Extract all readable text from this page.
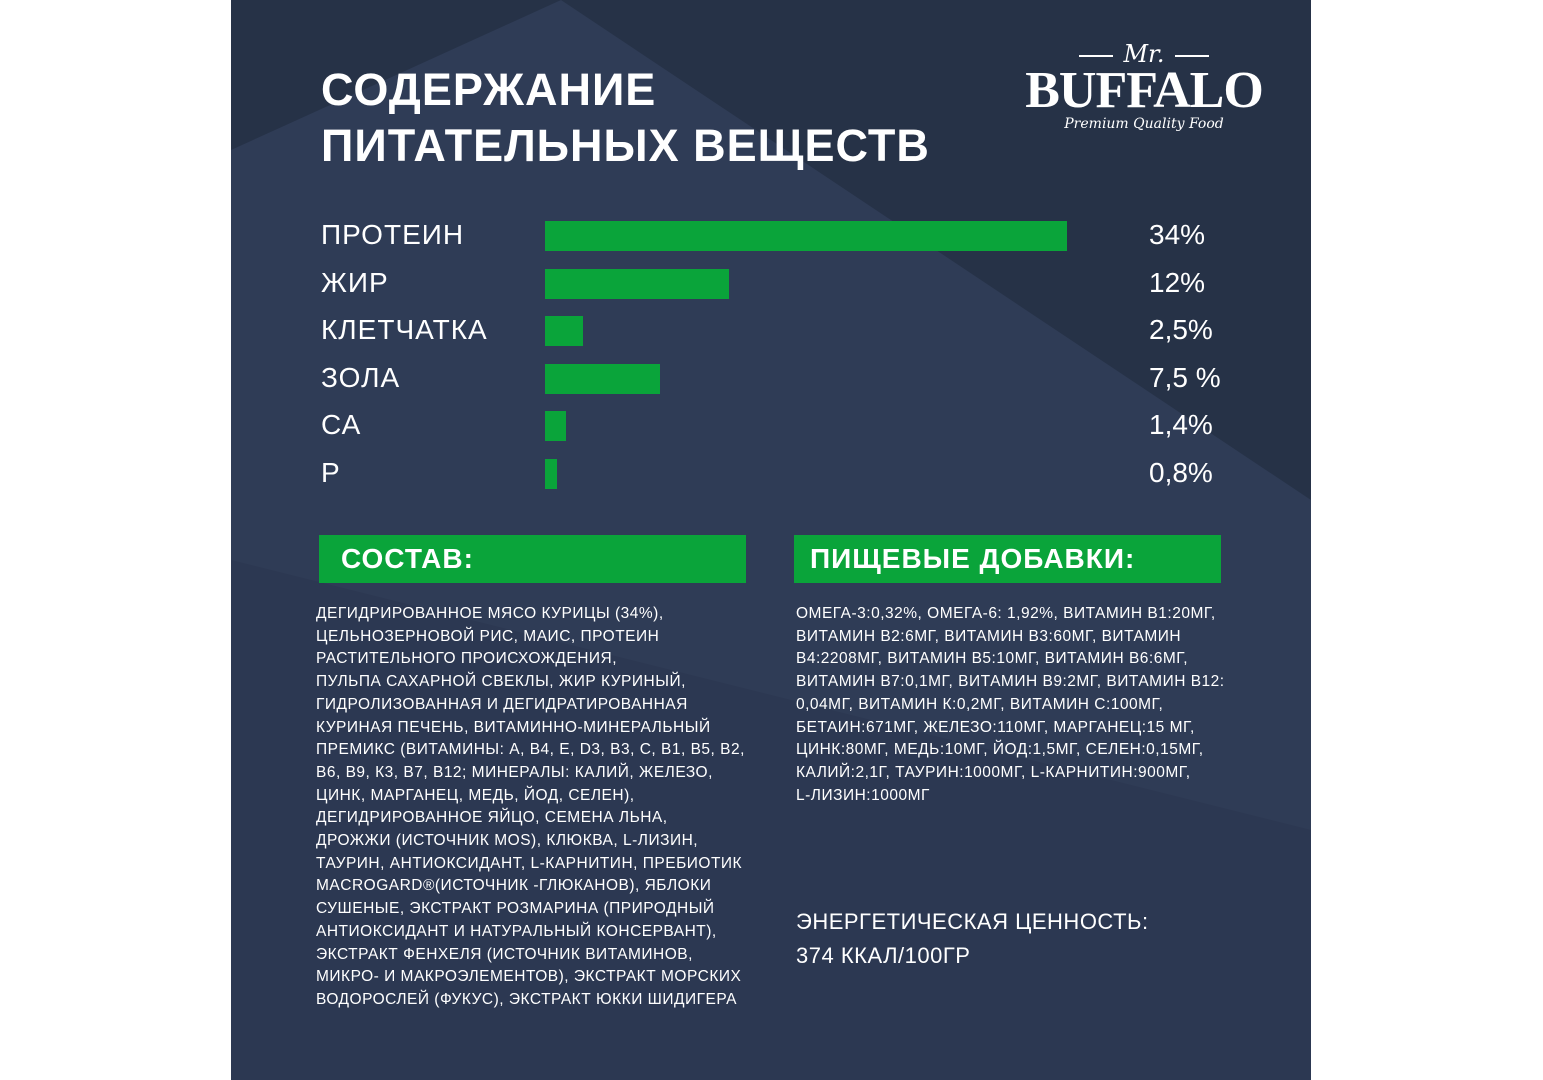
СОДЕРЖАНИЕ
ПИТАТЕЛЬНЫХ ВЕЩЕСТВ
Mr.
BUFFALO
Premium Quality Food
ПРОТЕИН	34%
ЖИР	12%
КЛЕТЧАТКА	2,5%
ЗОЛА	7,5 %
СА	1,4%
Р	0,8%
СОСТАВ:	ПИЩЕВЫЕ ДОБАВКИ:

ДЕГИДРИРОВАННОЕ МЯСО КУРИЦЫ (34%),
ЦЕЛЬНОЗЕРНОВОЙ РИС, МАИС, ПРОТЕИН
РАСТИТЕЛЬНОГО ПРОИСХОЖДЕНИЯ,
ПУЛЬПА САХАРНОЙ СВЕКЛЫ, ЖИР КУРИНЫЙ,
ГИДРОЛИЗОВАННАЯ И ДЕГИДРАТИРОВАННАЯ
КУРИНАЯ ПЕЧЕНЬ, ВИТАМИННО-МИНЕРАЛЬНЫЙ
ПРЕМИКС (ВИТАМИНЫ: А, В4, Е, D3, В3, С, В1, В5, В2,
В6, В9, К3, В7, В12; МИНЕРАЛЫ: КАЛИЙ, ЖЕЛЕЗО,
ЦИНК, МАРГАНЕЦ, МЕДЬ, ЙОД, СЕЛЕН),
ДЕГИДРИРОВАННОЕ ЯЙЦО, СЕМЕНА ЛЬНА,
ДРОЖЖИ (ИСТОЧНИК MOS), КЛЮКВА, L-ЛИЗИН,
ТАУРИН, АНТИОКСИДАНТ, L-КАРНИТИН, ПРЕБИОТИК
MACROGARD®(ИСТОЧНИК -ГЛЮКАНОВ), ЯБЛОКИ
СУШЕНЫЕ, ЭКСТРАКТ РОЗМАРИНА (ПРИРОДНЫЙ
АНТИОКСИДАНТ И НАТУРАЛЬНЫЙ КОНСЕРВАНТ),
ЭКСТРАКТ ФЕНХЕЛЯ (ИСТОЧНИК ВИТАМИНОВ,
МИКРО- И МАКРОЭЛЕМЕНТОВ), ЭКСТРАКТ МОРСКИХ
ВОДОРОСЛЕЙ (ФУКУС), ЭКСТРАКТ ЮККИ ШИДИГЕРА

ОМЕГА-3:0,32%, ОМЕГА-6: 1,92%, ВИТАМИН В1:20МГ,
ВИТАМИН В2:6МГ, ВИТАМИН В3:60МГ, ВИТАМИН
В4:2208МГ, ВИТАМИН В5:10МГ, ВИТАМИН В6:6МГ,
ВИТАМИН В7:0,1МГ, ВИТАМИН В9:2МГ, ВИТАМИН В12:
0,04МГ, ВИТАМИН К:0,2МГ, ВИТАМИН С:100МГ,
БЕТАИН:671МГ, ЖЕЛЕЗО:110МГ, МАРГАНЕЦ:15 МГ,
ЦИНК:80МГ, МЕДЬ:10МГ, ЙОД:1,5МГ, СЕЛЕН:0,15МГ,
КАЛИЙ:2,1Г, ТАУРИН:1000МГ, L-КАРНИТИН:900МГ,
L-ЛИЗИН:1000МГ

ЭНЕРГЕТИЧЕСКАЯ ЦЕННОСТЬ:
374 ККАЛ/100ГР
